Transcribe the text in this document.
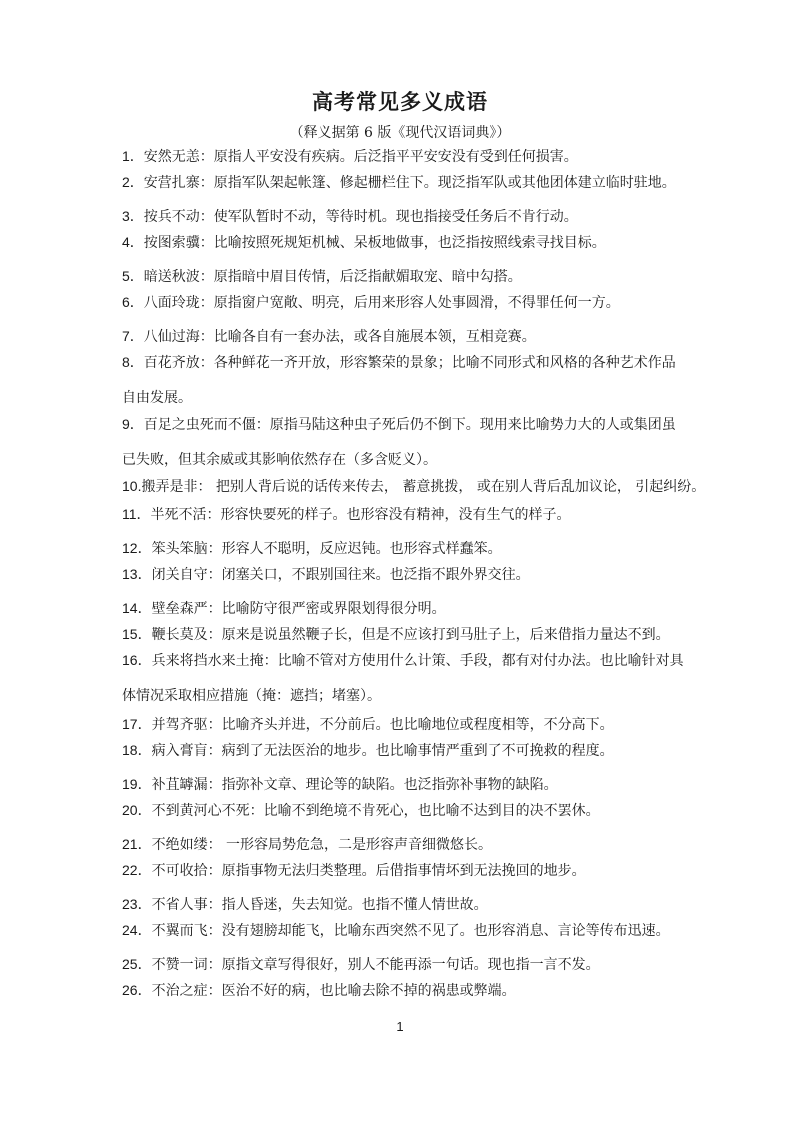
高考常见多义成语
（释义据第 6 版《现代汉语词典》）
1．安然无恙：原指人平安没有疾病。后泛指平平安安没有受到任何损害。
2．安营扎寨：原指军队架起帐篷、修起栅栏住下。现泛指军队或其他团体建立临时驻地。
3．按兵不动：使军队暂时不动，等待时机。现也指接受任务后不肯行动。
4．按图索骥：比喻按照死规矩机械、呆板地做事，也泛指按照线索寻找目标。
5．暗送秋波：原指暗中眉目传情，后泛指献媚取宠、暗中勾搭。
6．八面玲珑：原指窗户宽敞、明亮，后用来形容人处事圆滑，不得罪任何一方。
7．八仙过海：比喻各自有一套办法，或各自施展本领，互相竞赛。
8．百花齐放：各种鲜花一齐开放，形容繁荣的景象；比喻不同形式和风格的各种艺术作品
自由发展。
9．百足之虫死而不僵：原指马陆这种虫子死后仍不倒下。现用来比喻势力大的人或集团虽
已失败，但其余威或其影响依然存在（多含贬义）。
10.搬弄是非： 把别人背后说的话传来传去， 蓄意挑拨， 或在别人背后乱加议论， 引起纠纷。
11．半死不活：形容快要死的样子。也形容没有精神，没有生气的样子。
12．笨头笨脑：形容人不聪明，反应迟钝。也形容式样蠢笨。
13．闭关自守：闭塞关口，不跟别国往来。也泛指不跟外界交往。
14．壁垒森严：比喻防守很严密或界限划得很分明。
15．鞭长莫及：原来是说虽然鞭子长，但是不应该打到马肚子上，后来借指力量达不到。
16．兵来将挡水来土掩：比喻不管对方使用什么计策、手段，都有对付办法。也比喻针对具
体情况采取相应措施（掩：遮挡；堵塞）。
17．并驾齐驱：比喻齐头并进，不分前后。也比喻地位或程度相等，不分高下。
18．病入膏肓：病到了无法医治的地步。也比喻事情严重到了不可挽救的程度。
19．补苴罅漏：指弥补文章、理论等的缺陷。也泛指弥补事物的缺陷。
20．不到黄河心不死：比喻不到绝境不肯死心，也比喻不达到目的决不罢休。
21．不绝如缕： 一形容局势危急，二是形容声音细微悠长。
22．不可收拾：原指事物无法归类整理。后借指事情坏到无法挽回的地步。
23．不省人事：指人昏迷，失去知觉。也指不懂人情世故。
24．不翼而飞：没有翅膀却能飞，比喻东西突然不见了。也形容消息、言论等传布迅速。
25．不赞一词：原指文章写得很好，别人不能再添一句话。现也指一言不发。
26．不治之症：医治不好的病，也比喻去除不掉的祸患或弊端。
1
